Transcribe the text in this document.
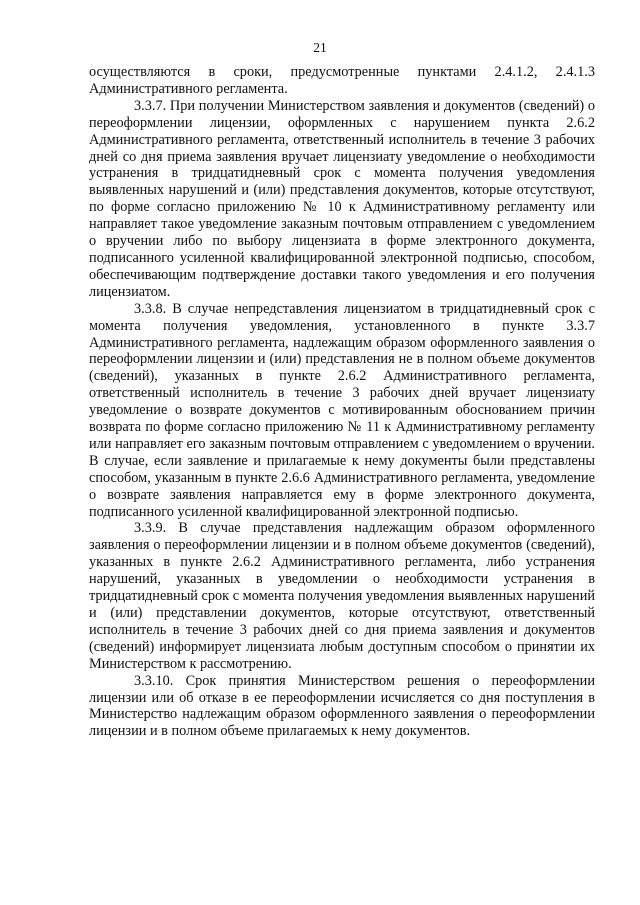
21

осуществляются в сроки, предусмотренные пунктами 2.4.1.2, 2.4.1.3 Административного регламента.

3.3.7. При получении Министерством заявления и документов (сведений) о переоформлении лицензии, оформленных с нарушением пункта 2.6.2 Административного регламента, ответственный исполнитель в течение 3 рабочих дней со дня приема заявления вручает лицензиату уведомление о необходимости устранения в тридцатидневный срок с момента получения уведомления выявленных нарушений и (или) представления документов, которые отсутствуют, по форме согласно приложению № 10 к Административному регламенту или направляет такое уведомление заказным почтовым отправлением с уведомлением о вручении либо по выбору лицензиата в форме электронного документа, подписанного усиленной квалифицированной электронной подписью, способом, обеспечивающим подтверждение доставки такого уведомления и его получения лицензиатом.

3.3.8. В случае непредставления лицензиатом в тридцатидневный срок с момента получения уведомления, установленного в пункте 3.3.7 Административного регламента, надлежащим образом оформленного заявления о переоформлении лицензии и (или) представления не в полном объеме документов (сведений), указанных в пункте 2.6.2 Административного регламента, ответственный исполнитель в течение 3 рабочих дней вручает лицензиату уведомление о возврате документов с мотивированным обоснованием причин возврата по форме согласно приложению № 11 к Административному регламенту или направляет его заказным почтовым отправлением с уведомлением о вручении. В случае, если заявление и прилагаемые к нему документы были представлены способом, указанным в пункте 2.6.6 Административного регламента, уведомление о возврате заявления направляется ему в форме электронного документа, подписанного усиленной квалифицированной электронной подписью.

3.3.9. В случае представления надлежащим образом оформленного заявления о переоформлении лицензии и в полном объеме документов (сведений), указанных в пункте 2.6.2 Административного регламента, либо устранения нарушений, указанных в уведомлении о необходимости устранения в тридцатидневный срок с момента получения уведомления выявленных нарушений и (или) представлении документов, которые отсутствуют, ответственный исполнитель в течение 3 рабочих дней со дня приема заявления и документов (сведений) информирует лицензиата любым доступным способом о принятии их Министерством к рассмотрению.

3.3.10. Срок принятия Министерством решения о переоформлении лицензии или об отказе в ее переоформлении исчисляется со дня поступления в Министерство надлежащим образом оформленного заявления о переоформлении лицензии и в полном объеме прилагаемых к нему документов.
